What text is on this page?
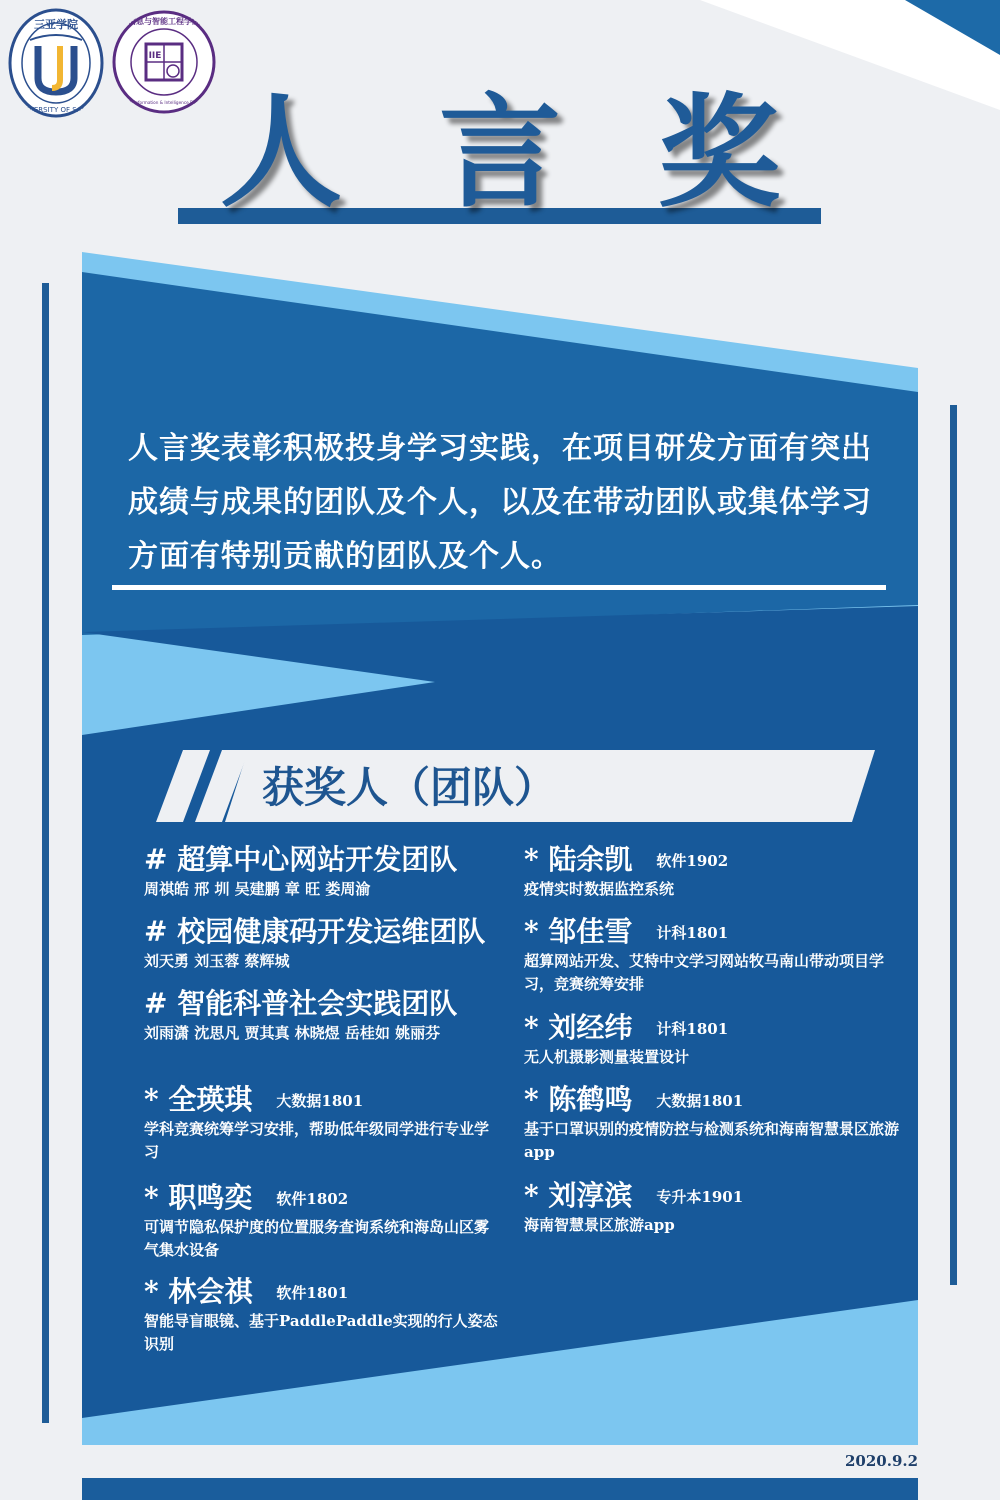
三亚学院
UNIVERSITY OF SANYA
IIE
信息与智能工程学院
School Of Information & Intelligence Engineering 人 言 奖
人言奖表彰积极投身学习实践，在项目研发方面有突出成绩与成果的团队及个人，以及在带动团队或集体学习方面有特别贡献的团队及个人。
获奖人（团队）
# 超算中心网站开发团队
周祺皓 邢 圳 吴建鹏 章 旺 娄周渝
# 校园健康码开发运维团队
刘天勇 刘玉蓉 蔡辉城
# 智能科普社会实践团队
刘雨潇 沈思凡 贾其真 林晓煜 岳桂如 姚丽芬
* 全瑛琪 大数据1801
学科竞赛统筹学习安排，帮助低年级同学进行专业学习
* 职鸣奕 软件1802
可调节隐私保护度的位置服务查询系统和海岛山区雾气集水设备
* 林会祺 软件1801
智能导盲眼镜、基于PaddlePaddle实现的行人姿态识别
* 陆余凯 软件1902
疫情实时数据监控系统
* 邹佳雪 计科1801
超算网站开发、艾特中文学习网站牧马南山带动项目学习，竞赛统筹安排
* 刘经纬 计科1801
无人机摄影测量装置设计
* 陈鹤鸣 大数据1801
基于口罩识别的疫情防控与检测系统和海南智慧景区旅游app
* 刘淳滨 专升本1901
海南智慧景区旅游app
2020.9.2
